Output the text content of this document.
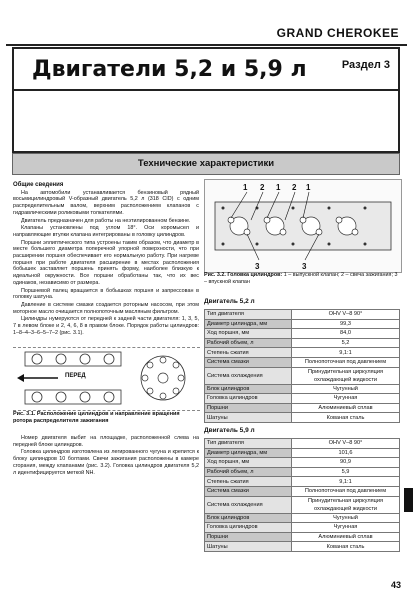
GRAND CHEROKEE
Двигатели 5,2 и 5,9 л	Раздел 3
Технические характеристики
Общие сведения

На автомобили устанавливается бензиновый рядный восьмицилиндровый V-образный двигатель 5,2 л (318 CID) с одним распределительным валом, верхним расположением клапанов с гидравлическими роликовыми толкателями.

Двигатель предназначен для работы на неэтилированном бензине.

Клапаны установлены под углом 18°. Оси коромысел и направляющие втулки клапана интегрированы в головку цилиндров.

Поршни эллиптического типа устроены таким образом, что диаметр в месте большего диаметра поперечной упорной поверхности, что при расширении поршня обеспечивает его нормальную работу. При нагреве поршня при работе двигателя расширение в местах расположения бобышек заставляет поршень принять форму, наиболее близкую к идеальной окружности. Все поршни обработаны так, что их вес одинаков, независимо от размера.

Поршневой палец вращается в бобышках поршня и запрессован в головку шатуна.

Давление в системе смазки создается роторным насосом, при этом моторное масло очищается полнопоточным масляным фильтром.

Цилиндры нумеруются от передней к задней части двигателя: 1, 3, 5, 7 в левом блоке и 2, 4, 6, 8 в правом блоке. Порядок работы цилиндров: 1–8–4–3–6–5–7–2 (рис. 3.1).

ПЕРЕД
Рис. 3.1. Расположение цилиндров и направление вращения ротора распределителя зажигания

Номер двигателя выбит на площадке, расположенной слева на передней блоке цилиндров.

Головка цилиндров изготовлена из легированного чугуна и крепится к блоку цилиндров 10 болтами. Свечи зажигания расположены в камере сгорания, между клапанами (рис. 3.2). Головка цилиндров двигателя 5,2 л идентифицируется меткой NH.

1 2 1 2 1
3	3
Рис. 3.2. Головка цилиндров: 1 – выпускной клапан; 2 – свеча зажигания; 3 – впускной клапан
Двигатель 5,2 л
Тип двигателя	OHV V–8 90°
Диаметр цилиндра, мм	99,3
Ход поршня, мм	84,0
Рабочий объем, л	5,2
Степень сжатия	9,1:1
Система смазки	Полнопоточная под давлением
Система охлаждения	Принудительная циркуляция охлаждающей жидкости
Блок цилиндров	Чугунный
Головка цилиндров	Чугунная
Поршни	Алюминиевый сплав
Шатуны	Кованая сталь
Двигатель 5,9 л
Тип двигателя	OHV V–8 90°
Диаметр цилиндра, мм	101,6
Ход поршня, мм	90,9
Рабочий объем, л	5,9
Степень сжатия	9,1:1
Система смазки	Полнопоточная под давлением
Система охлаждения	Принудительная циркуляция охлаждающей жидкости
Блок цилиндров	Чугунный
Головка цилиндров	Чугунная
Поршни	Алюминиевый сплав
Шатуны	Кованая сталь
43
